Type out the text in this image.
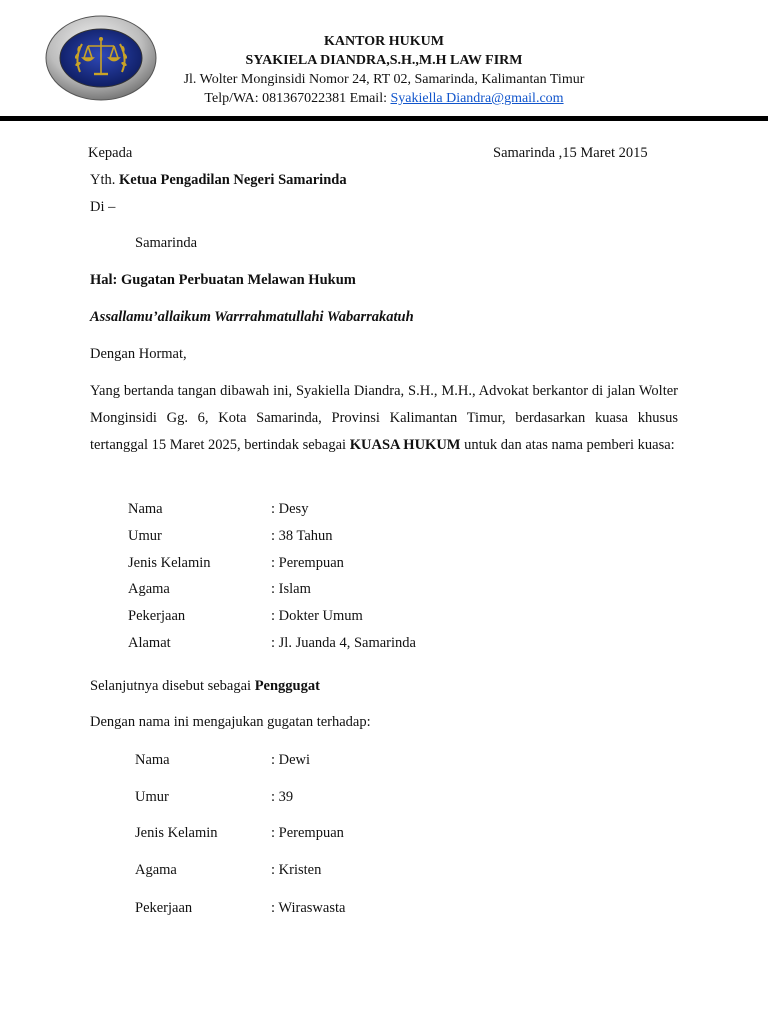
KANTOR HUKUM
SYAKIELA DIANDRA,S.H.,M.H LAW FIRM
Jl. Wolter Monginsidi Nomor 24, RT 02, Samarinda, Kalimantan Timur
Telp/WA: 081367022381 Email: Syakiella Diandra@gmail.com
Kepada	Samarinda ,15 Maret 2015
Yth. Ketua Pengadilan Negeri Samarinda
Di –
Samarinda
Hal: Gugatan Perbuatan Melawan Hukum
Assallamu’allaikum Warrrahmatullahi Wabarrakatuh
Dengan Hormat,
Yang bertanda tangan dibawah ini, Syakiella Diandra, S.H., M.H., Advokat berkantor di jalan Wolter Monginsidi Gg. 6, Kota Samarinda, Provinsi Kalimantan Timur, berdasarkan kuasa khusus tertanggal 15 Maret 2025, bertindak sebagai KUASA HUKUM untuk dan atas nama pemberi kuasa:
Nama	: Desy
Umur	: 38 Tahun
Jenis Kelamin	: Perempuan
Agama	: Islam
Pekerjaan	: Dokter Umum
Alamat	: Jl. Juanda 4, Samarinda
Selanjutnya disebut sebagai Penggugat
Dengan nama ini mengajukan gugatan terhadap:
Nama	: Dewi
Umur	: 39
Jenis Kelamin	: Perempuan
Agama	: Kristen
Pekerjaan	: Wiraswasta
